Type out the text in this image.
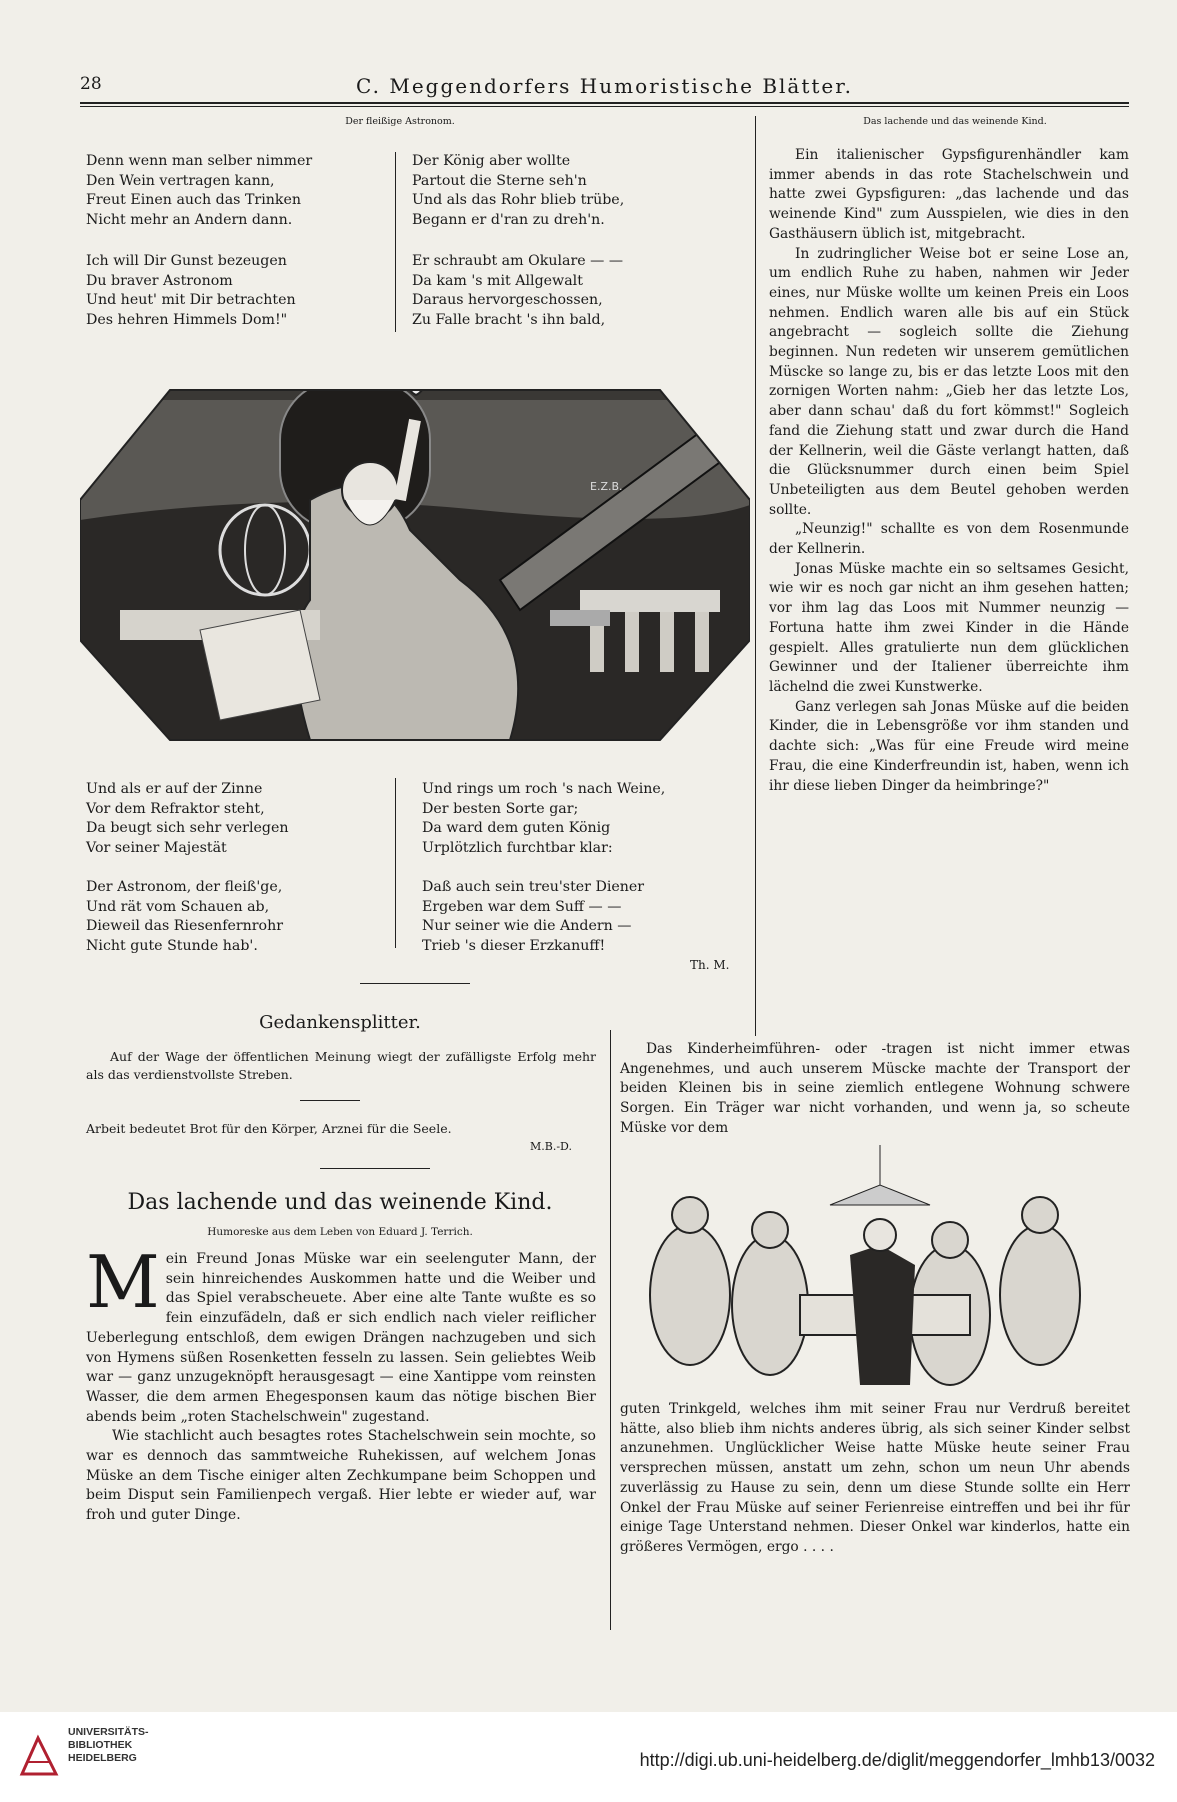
28	C. Meggendorfers Humoristische Blätter.
Der fleißige Astronom.
Denn wenn man selber nimmer
Den Wein vertragen kann,
Freut Einen auch das Trinken
Nicht mehr an Andern dann.
Ich will Dir Gunst bezeugen
Du braver Astronom
Und heut' mit Dir betrachten
Des hehren Himmels Dom!"
Der König aber wollte
Partout die Sterne seh'n
Und als das Rohr blieb trübe,
Begann er d'ran zu dreh'n.
Er schraubt am Okulare — —
Da kam 's mit Allgewalt
Daraus hervorgeschossen,
Zu Falle bracht 's ihn bald,
E.Z.B.
Und als er auf der Zinne
Vor dem Refraktor steht,
Da beugt sich sehr verlegen
Vor seiner Majestät
Der Astronom, der fleiß'ge,
Und rät vom Schauen ab,
Dieweil das Riesenfernrohr
Nicht gute Stunde hab'.
Und rings um roch 's nach Weine,
Der besten Sorte gar;
Da ward dem guten König
Urplötzlich furchtbar klar:
Daß auch sein treu'ster Diener
Ergeben war dem Suff — —
Nur seiner wie die Andern —
Trieb 's dieser Erzkanuff!
Th. M.
Gedankensplitter.
Auf der Wage der öffentlichen Meinung wiegt der zufälligste Erfolg mehr als das verdienstvollste Streben.
Arbeit bedeutet Brot für den Körper, Arznei für die Seele.
M.B.-D.
Das lachende und das weinende Kind.
Humoreske aus dem Leben von Eduard J. Terrich.

Mein Freund Jonas Müske war ein seelenguter Mann, der sein hinreichendes Auskommen hatte und die Weiber und das Spiel verabscheuete. Aber eine alte Tante wußte es so fein einzufädeln, daß er sich endlich nach vieler reiflicher Ueberlegung entschloß, dem ewigen Drängen nachzugeben und sich von Hymens süßen Rosenketten fesseln zu lassen. Sein geliebtes Weib war — ganz unzugeknöpft herausgesagt — eine Xantippe vom reinsten Wasser, die dem armen Ehegesponsen kaum das nötige bischen Bier abends beim „roten Stachelschwein" zugestand.

Wie stachlicht auch besagtes rotes Stachelschwein sein mochte, so war es dennoch das sammtweiche Ruhekissen, auf welchem Jonas Müske an dem Tische einiger alten Zechkumpane beim Schoppen und beim Disput sein Familienpech vergaß. Hier lebte er wieder auf, war froh und guter Dinge.

Das lachende und das weinende Kind.

Ein italienischer Gypsfigurenhändler kam immer abends in das rote Stachelschwein und hatte zwei Gypsfiguren: „das lachende und das weinende Kind" zum Ausspielen, wie dies in den Gasthäusern üblich ist, mitgebracht.

In zudringlicher Weise bot er seine Lose an, um endlich Ruhe zu haben, nahmen wir Jeder eines, nur Müske wollte um keinen Preis ein Loos nehmen. Endlich waren alle bis auf ein Stück angebracht — sogleich sollte die Ziehung beginnen. Nun redeten wir unserem gemütlichen Müscke so lange zu, bis er das letzte Loos mit den zornigen Worten nahm: „Gieb her das letzte Los, aber dann schau' daß du fort kömmst!" Sogleich fand die Ziehung statt und zwar durch die Hand der Kellnerin, weil die Gäste verlangt hatten, daß die Glücksnummer durch einen beim Spiel Unbeteiligten aus dem Beutel gehoben werden sollte.

„Neunzig!" schallte es von dem Rosenmunde der Kellnerin.

Jonas Müske machte ein so seltsames Gesicht, wie wir es noch gar nicht an ihm gesehen hatten; vor ihm lag das Loos mit Nummer neunzig — Fortuna hatte ihm zwei Kinder in die Hände gespielt. Alles gratulierte nun dem glücklichen Gewinner und der Italiener überreichte ihm lächelnd die zwei Kunstwerke.

Ganz verlegen sah Jonas Müske auf die beiden Kinder, die in Lebensgröße vor ihm standen und dachte sich: „Was für eine Freude wird meine Frau, die eine Kinderfreundin ist, haben, wenn ich ihr diese lieben Dinger da heimbringe?"

Das Kinderheimführen- oder -tragen ist nicht immer etwas Angenehmes, und auch unserem Müscke machte der Transport der beiden Kleinen bis in seine ziemlich entlegene Wohnung schwere Sorgen. Ein Träger war nicht vorhanden, und wenn ja, so scheute Müske vor dem

guten Trinkgeld, welches ihm mit seiner Frau nur Verdruß bereitet hätte, also blieb ihm nichts anderes übrig, als sich seiner Kinder selbst anzunehmen. Unglücklicher Weise hatte Müske heute seiner Frau versprechen müssen, anstatt um zehn, schon um neun Uhr abends zuverlässig zu Hause zu sein, denn um diese Stunde sollte ein Herr Onkel der Frau Müske auf seiner Ferienreise eintreffen und bei ihr für einige Tage Unterstand nehmen. Dieser Onkel war kinderlos, hatte ein größeres Vermögen, ergo . . . .

UNIVERSITÄTS-
BIBLIOTHEK
HEIDELBERG	http://digi.ub.uni-heidelberg.de/diglit/meggendorfer_lmhb13/0032
